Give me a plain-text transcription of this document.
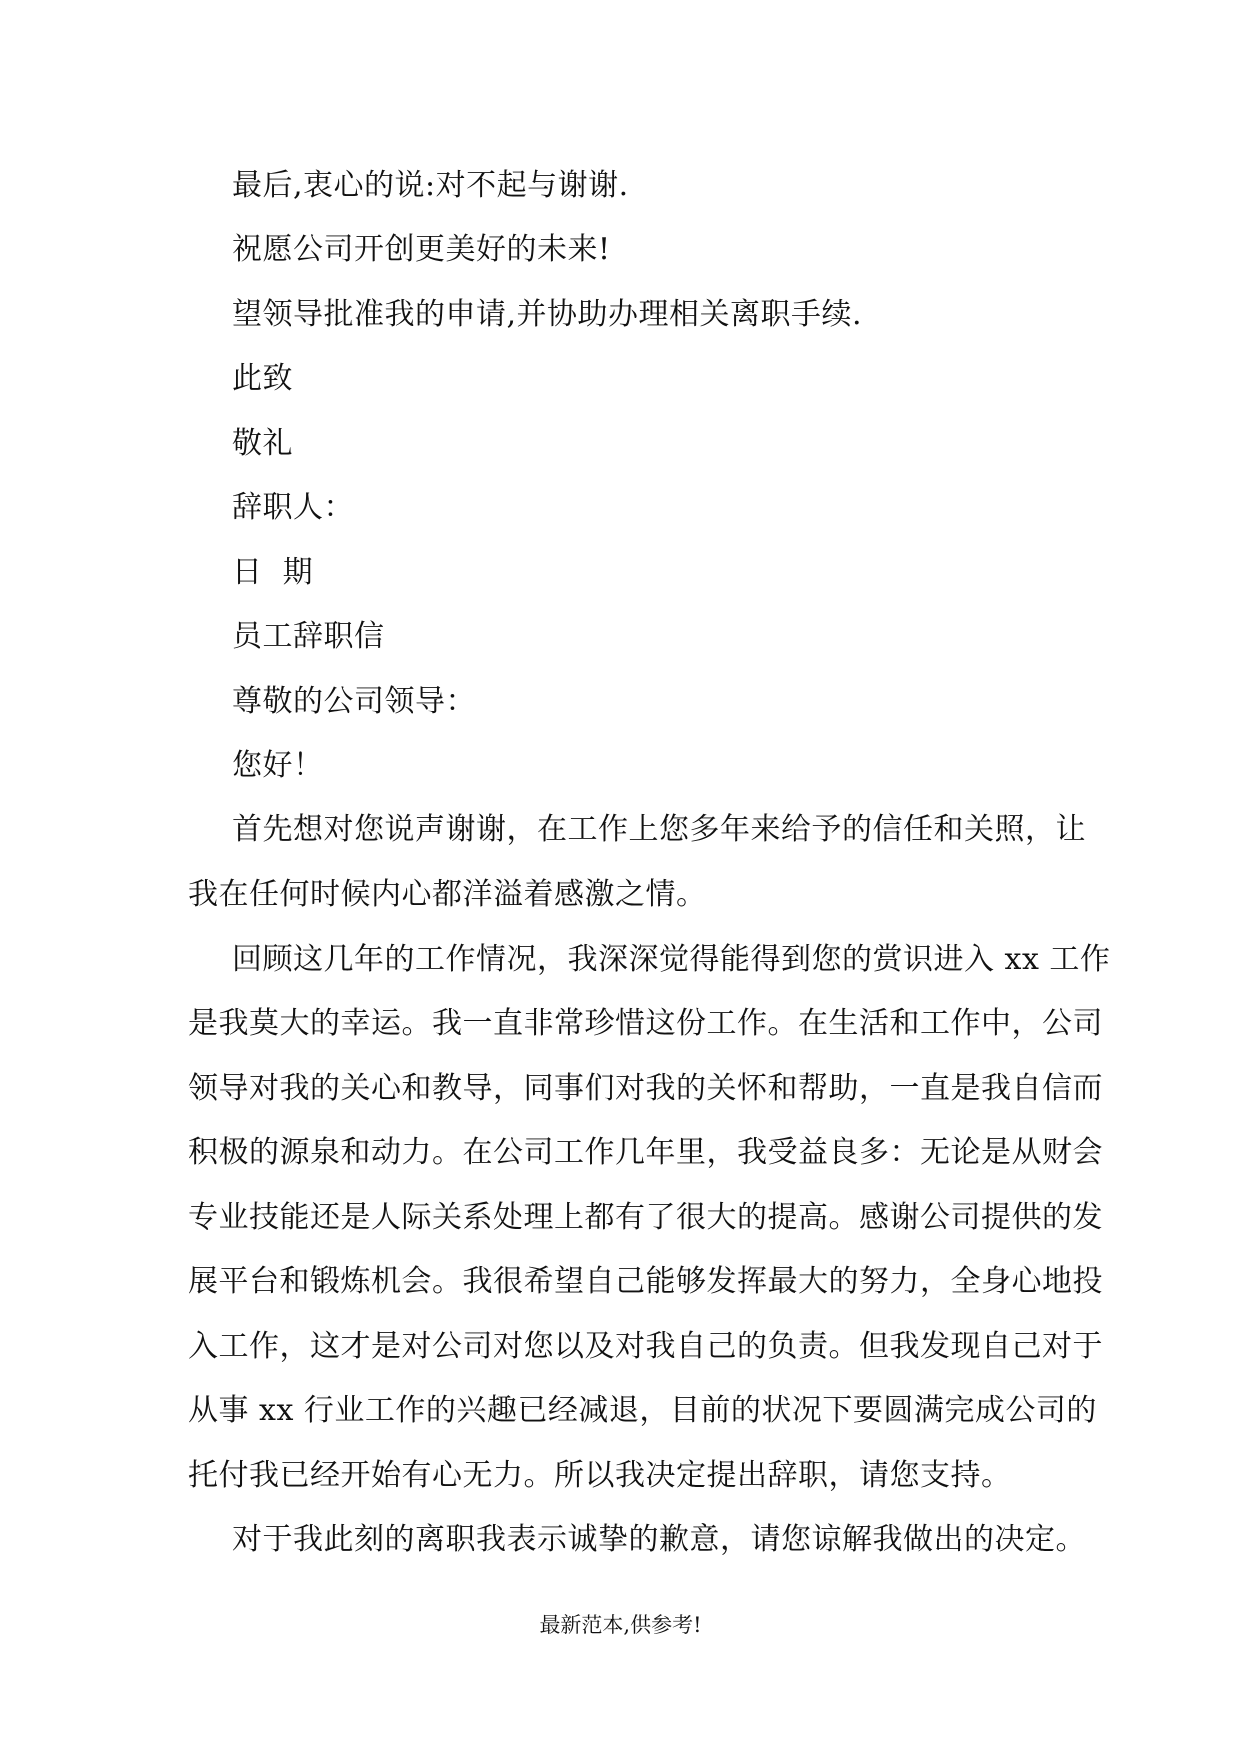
最后,衷心的说:对不起与谢谢.
祝愿公司开创更美好的未来!
望领导批准我的申请,并协助办理相关离职手续.
此致
敬礼
辞职人：
日  期
员工辞职信
尊敬的公司领导：
您好！
首先想对您说声谢谢，在工作上您多年来给予的信任和关照，让
我在任何时候内心都洋溢着感激之情。
回顾这几年的工作情况，我深深觉得能得到您的赏识进入 xx 工作
是我莫大的幸运。我一直非常珍惜这份工作。在生活和工作中，公司
领导对我的关心和教导，同事们对我的关怀和帮助，一直是我自信而
积极的源泉和动力。在公司工作几年里，我受益良多：无论是从财会
专业技能还是人际关系处理上都有了很大的提高。感谢公司提供的发
展平台和锻炼机会。我很希望自己能够发挥最大的努力，全身心地投
入工作，这才是对公司对您以及对我自己的负责。但我发现自己对于
从事 xx 行业工作的兴趣已经减退，目前的状况下要圆满完成公司的
托付我已经开始有心无力。所以我决定提出辞职，请您支持。
对于我此刻的离职我表示诚挚的歉意，请您谅解我做出的决定。
最新范本,供参考!
